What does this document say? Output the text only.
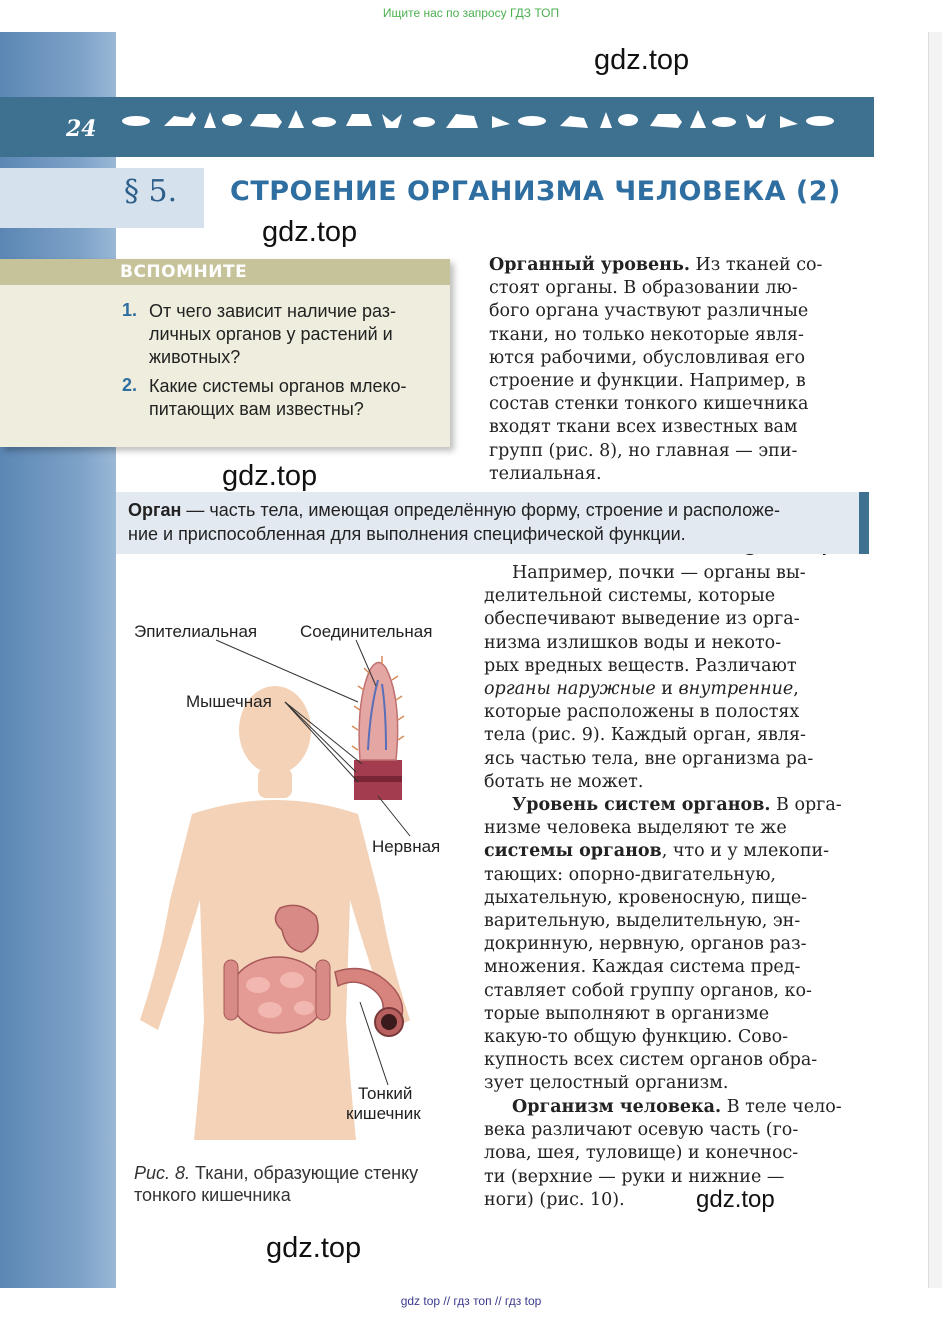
Ищите нас по запросу ГДЗ ТОП
24
§ 5. СТРОЕНИЕ ОРГАНИЗМА ЧЕЛОВЕКА (2)
gdz.top
gdz.top
gdz.top
gdz.top
gdz.top
ВСПОМНИТЕ
1. От чего зависит наличие раз-
личных органов у растений и
животных?
2. Какие системы органов млеко-
питающих вам известны?
Органный уровень. Из тканей со-
стоят органы. В образовании лю-
бого органа участвуют различные
ткани, но только некоторые явля-
ются рабочими, обусловливая его
строение и функции. Например, в
состав стенки тонкого кишечника
входят ткани всех известных вам
групп (рис. 8), но главная — эпи-
телиальная.
Орган — часть тела, имеющая определённую форму, строение и расположе-
ние и приспособленная для выполнения специфической функции.
Эпителиальная	Соединительная
Мышечная
Нервная
Тонкий
кишечник
Рис. 8. Ткани, образующие стенку
тонкого кишечника
Например, почки — органы вы-
делительной системы, которые
обеспечивают выведение из орга-
низма излишков воды и некото-
рых вредных веществ. Различают
органы наружные и внутренние,
которые расположены в полостях
тела (рис. 9). Каждый орган, явля-
ясь частью тела, вне организма ра-
ботать не может.
Уровень систем органов. В орга-
низме человека выделяют те же
системы органов, что и у млекопи-
тающих: опорно-двигательную,
дыхательную, кровеносную, пище-
варительную, выделительную, эн-
докринную, нервную, органов раз-
множения. Каждая система пред-
ставляет собой группу органов, ко-
торые выполняют в организме
какую-то общую функцию. Сово-
купность всех систем органов обра-
зует целостный организм.
Организм человека. В теле чело-
века различают осевую часть (го-
лова, шея, туловище) и конечнос-
ти (верхние — руки и нижние —
ноги) (рис. 10).
gdz top // гдз топ // гдз top
